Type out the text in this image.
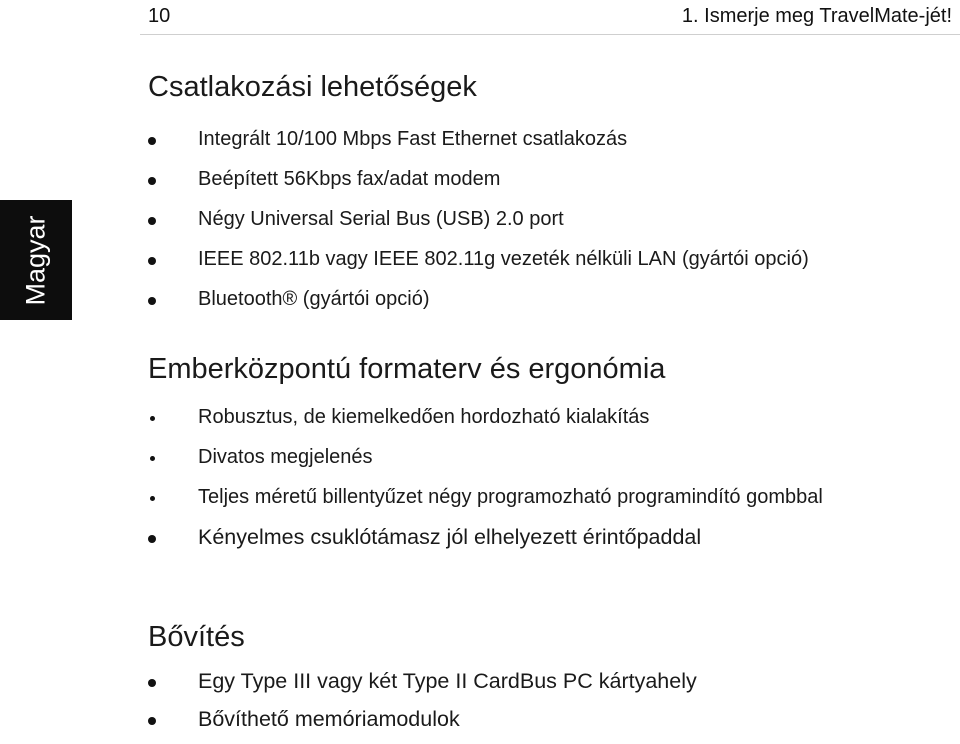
10	1. Ismerje meg TravelMate-jét!
Magyar
Csatlakozási lehetőségek
Integrált 10/100 Mbps Fast Ethernet csatlakozás
Beépített 56Kbps fax/adat modem
Négy Universal Serial Bus (USB) 2.0 port
IEEE 802.11b vagy IEEE 802.11g vezeték nélküli LAN (gyártói opció)
Bluetooth® (gyártói opció)
Emberközpontú formaterv és ergonómia
Robusztus, de kiemelkedően hordozható kialakítás
Divatos megjelenés
Teljes méretű billentyűzet négy programozható programindító gombbal
Kényelmes csuklótámasz jól elhelyezett érintőpaddal
Bővítés
Egy Type III vagy két Type II CardBus PC kártyahely
Bővíthető memóriamodulok
